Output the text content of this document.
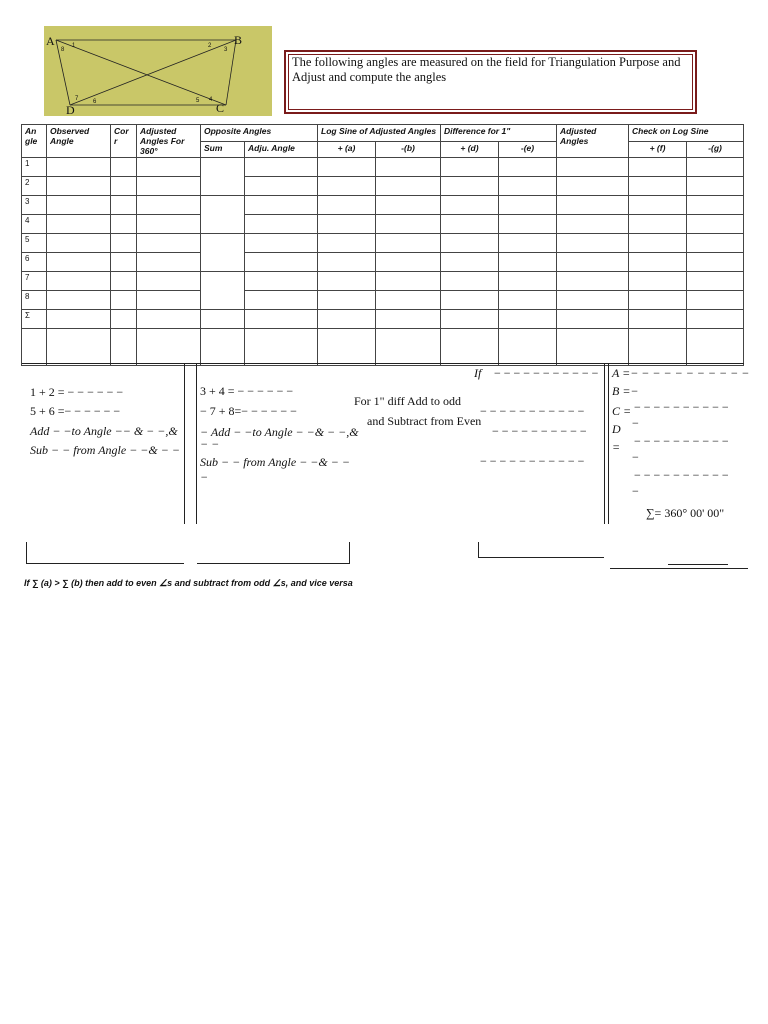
A	B
C
D
1	2
3
4
5
6
7
8

The following angles are measured on the field for Triangulation Purpose and Adjust and compute the angles

An gle	Observed Angle	Cor r	Adjusted Angles For 360°	Opposite Angles		Log Sine of Adjusted Angles		Difference for 1"		Adjusted Angles	Check on Log Sine	
				Sum	Adju. Angle	+ (a)	-(b)	+ (d)	-(e)		+ (f)	-(g)
1												
2												
3												
4												
5												
6												
7												
8												
Σ												

1 + 2 = − − − − − −
5 + 6 =− − − − − −
Add − −to Angle −− & − −,&
Sub − − from Angle − −& − −
3 + 4 = − − − − − −
− 7 + 8=− − − − − −
− Add − −to Angle − −& − −,&
− −
Sub − − from Angle − −& − −
−
If
For 1" diff Add to odd
and Subtract from Even
− − − − − − − − − − −
− − − − − − − − − − −
− − − − − − − − − −
− − − − − − − − − − −
A =− − − − − − − − − − −
B =−
C =
D
=
− − − − − − − − − −
−
− − − − − − − − − −
−
− − − − − − − − − −
−
∑= 360° 00' 00"
If ∑ (a) > ∑ (b) then add to even ∠s and subtract from odd ∠s, and vice versa
